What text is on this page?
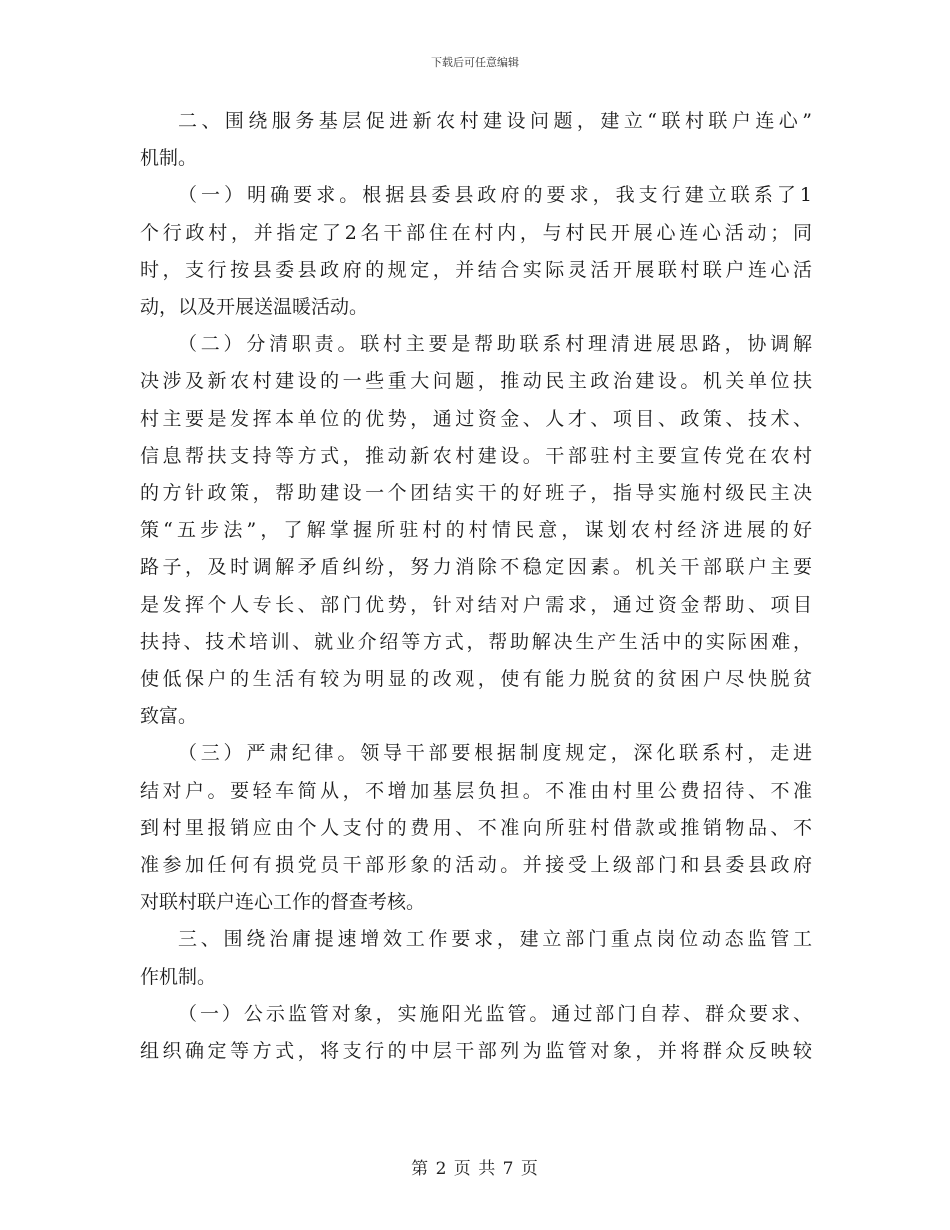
下载后可任意编辑
二、围绕服务基层促进新农村建设问题，建立“联村联户连心”
机制。
（一）明确要求。根据县委县政府的要求，我支行建立联系了1
个行政村，并指定了2名干部住在村内，与村民开展心连心活动；同
时，支行按县委县政府的规定，并结合实际灵活开展联村联户连心活
动，以及开展送温暖活动。
（二）分清职责。联村主要是帮助联系村理清进展思路，协调解
决涉及新农村建设的一些重大问题，推动民主政治建设。机关单位扶
村主要是发挥本单位的优势，通过资金、人才、项目、政策、技术、
信息帮扶支持等方式，推动新农村建设。干部驻村主要宣传党在农村
的方针政策，帮助建设一个团结实干的好班子，指导实施村级民主决
策“五步法”，了解掌握所驻村的村情民意，谋划农村经济进展的好
路子，及时调解矛盾纠纷，努力消除不稳定因素。机关干部联户主要
是发挥个人专长、部门优势，针对结对户需求，通过资金帮助、项目
扶持、技术培训、就业介绍等方式，帮助解决生产生活中的实际困难，
使低保户的生活有较为明显的改观，使有能力脱贫的贫困户尽快脱贫
致富。
（三）严肃纪律。领导干部要根据制度规定，深化联系村，走进
结对户。要轻车简从，不增加基层负担。不准由村里公费招待、不准
到村里报销应由个人支付的费用、不准向所驻村借款或推销物品、不
准参加任何有损党员干部形象的活动。并接受上级部门和县委县政府
对联村联户连心工作的督查考核。
三、围绕治庸提速增效工作要求，建立部门重点岗位动态监管工
作机制。
（一）公示监管对象，实施阳光监管。通过部门自荐、群众要求、
组织确定等方式，将支行的中层干部列为监管对象，并将群众反映较
第 2 页 共 7 页
